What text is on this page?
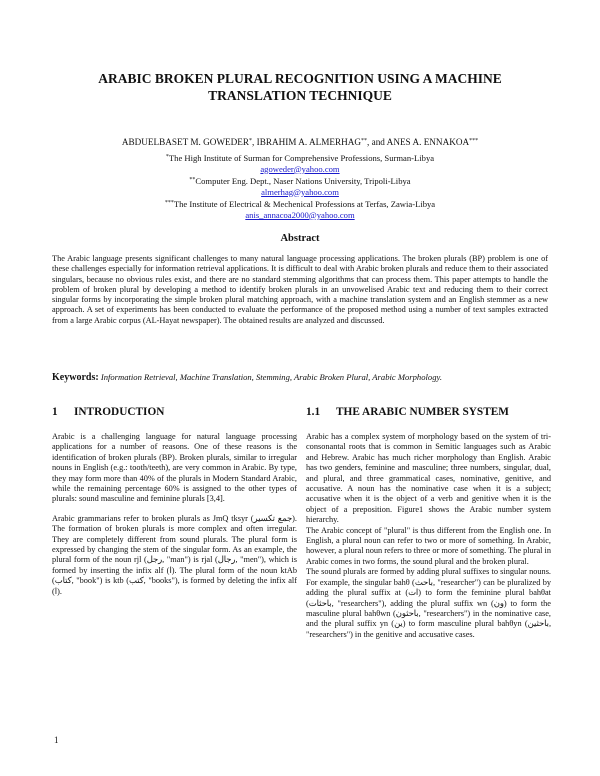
ARABIC BROKEN PLURAL RECOGNITION USING A MACHINE TRANSLATION TECHNIQUE
ABDUELBASET M. GOWEDER*, IBRAHIM A. ALMERHAG**, and ANES A. ENNAKOA***
*The High Institute of Surman for Comprehensive Professions, Surman-Libya
agoweder@yahoo.com
**Computer Eng. Dept., Naser Nations University, Tripoli-Libya
almerhag@yahoo.com
***The Institute of Electrical & Mechenical Professions at Terfas, Zawia-Libya
anis_annacoa2000@yahoo.com
Abstract

The Arabic language presents significant challenges to many natural language processing applications. The broken plurals (BP) problem is one of these challenges especially for information retrieval applications. It is difficult to deal with Arabic broken plurals and reduce them to their associated singulars, because no obvious rules exist, and there are no standard stemming algorithms that can process them. This paper attempts to handle the problem of broken plural by developing a method to identify broken plurals in an unvowelised Arabic text and reducing them to their correct singular forms by incorporating the simple broken plural matching approach, with a machine translation system and an English stemmer as a new approach. A set of experiments has been conducted to evaluate the performance of the proposed method using a number of text samples extracted from a large Arabic corpus (AL-Hayat newspaper). The obtained results are analyzed and discussed.

Keywords: Information Retrieval, Machine Translation, Stemming, Arabic Broken Plural, Arabic Morphology.
1 INTRODUCTION	1.1 THE ARABIC NUMBER SYSTEM

Arabic is a challenging language for natural language processing applications for a number of reasons. One of these reasons is the identification of broken plurals (BP). Broken plurals, similar to irregular nouns in English (e.g.: tooth/teeth), are very common in Arabic. By type, they may form more than 40% of the plurals in Modern Standard Arabic, while the remaining percentage 60% is assigned to the other types of plurals: sound masculine and feminine plurals [3,4].

Arabic grammarians refer to broken plurals as JmQ tksyr (جمع تكسير). The formation of broken plurals is more complex and often irregular. They are completely different from sound plurals. The plural form is expressed by changing the stem of the singular form. As an example, the plural form of the noun rjl (رجل, "man") is rjal (رجال, "men"), which is formed by inserting the infix alf (ا). The plural form of the noun ktAb (كتاب, "book") is ktb (كتب, "books"), is formed by deleting the infix alf (ا).

Arabic has a complex system of morphology based on the system of tri-consonantal roots that is common in Semitic languages such as Arabic and Hebrew. Arabic has much richer morphology than English. Arabic has two genders, feminine and masculine; three numbers, singular, dual, and plural, and three grammatical cases, nominative, genitive, and accusative. A noun has the nominative case when it is a subject; accusative when it is the object of a verb and genitive when it is the object of a preposition. Figure1 shows the Arabic number system hierarchy.

The Arabic concept of "plural" is thus different from the English one. In English, a plural noun can refer to two or more of something. In Arabic, however, a plural noun refers to three or more of something. The plural in Arabic comes in two forms, the sound plural and the broken plural.

The sound plurals are formed by adding plural suffixes to singular nouns. For example, the singular bahθ (باحث, "researcher") can be pluralized by adding the plural suffix at (ات) to form the feminine plural bahθat (باحثات, "researchers"), adding the plural suffix wn (ون) to form the masculine plural bahθwn (باحثون, "researchers") in the nominative case, and the plural suffix yn (ين) to form masculine plural bahθyn (باحثين, "researchers") in the genitive and accusative cases.

1
